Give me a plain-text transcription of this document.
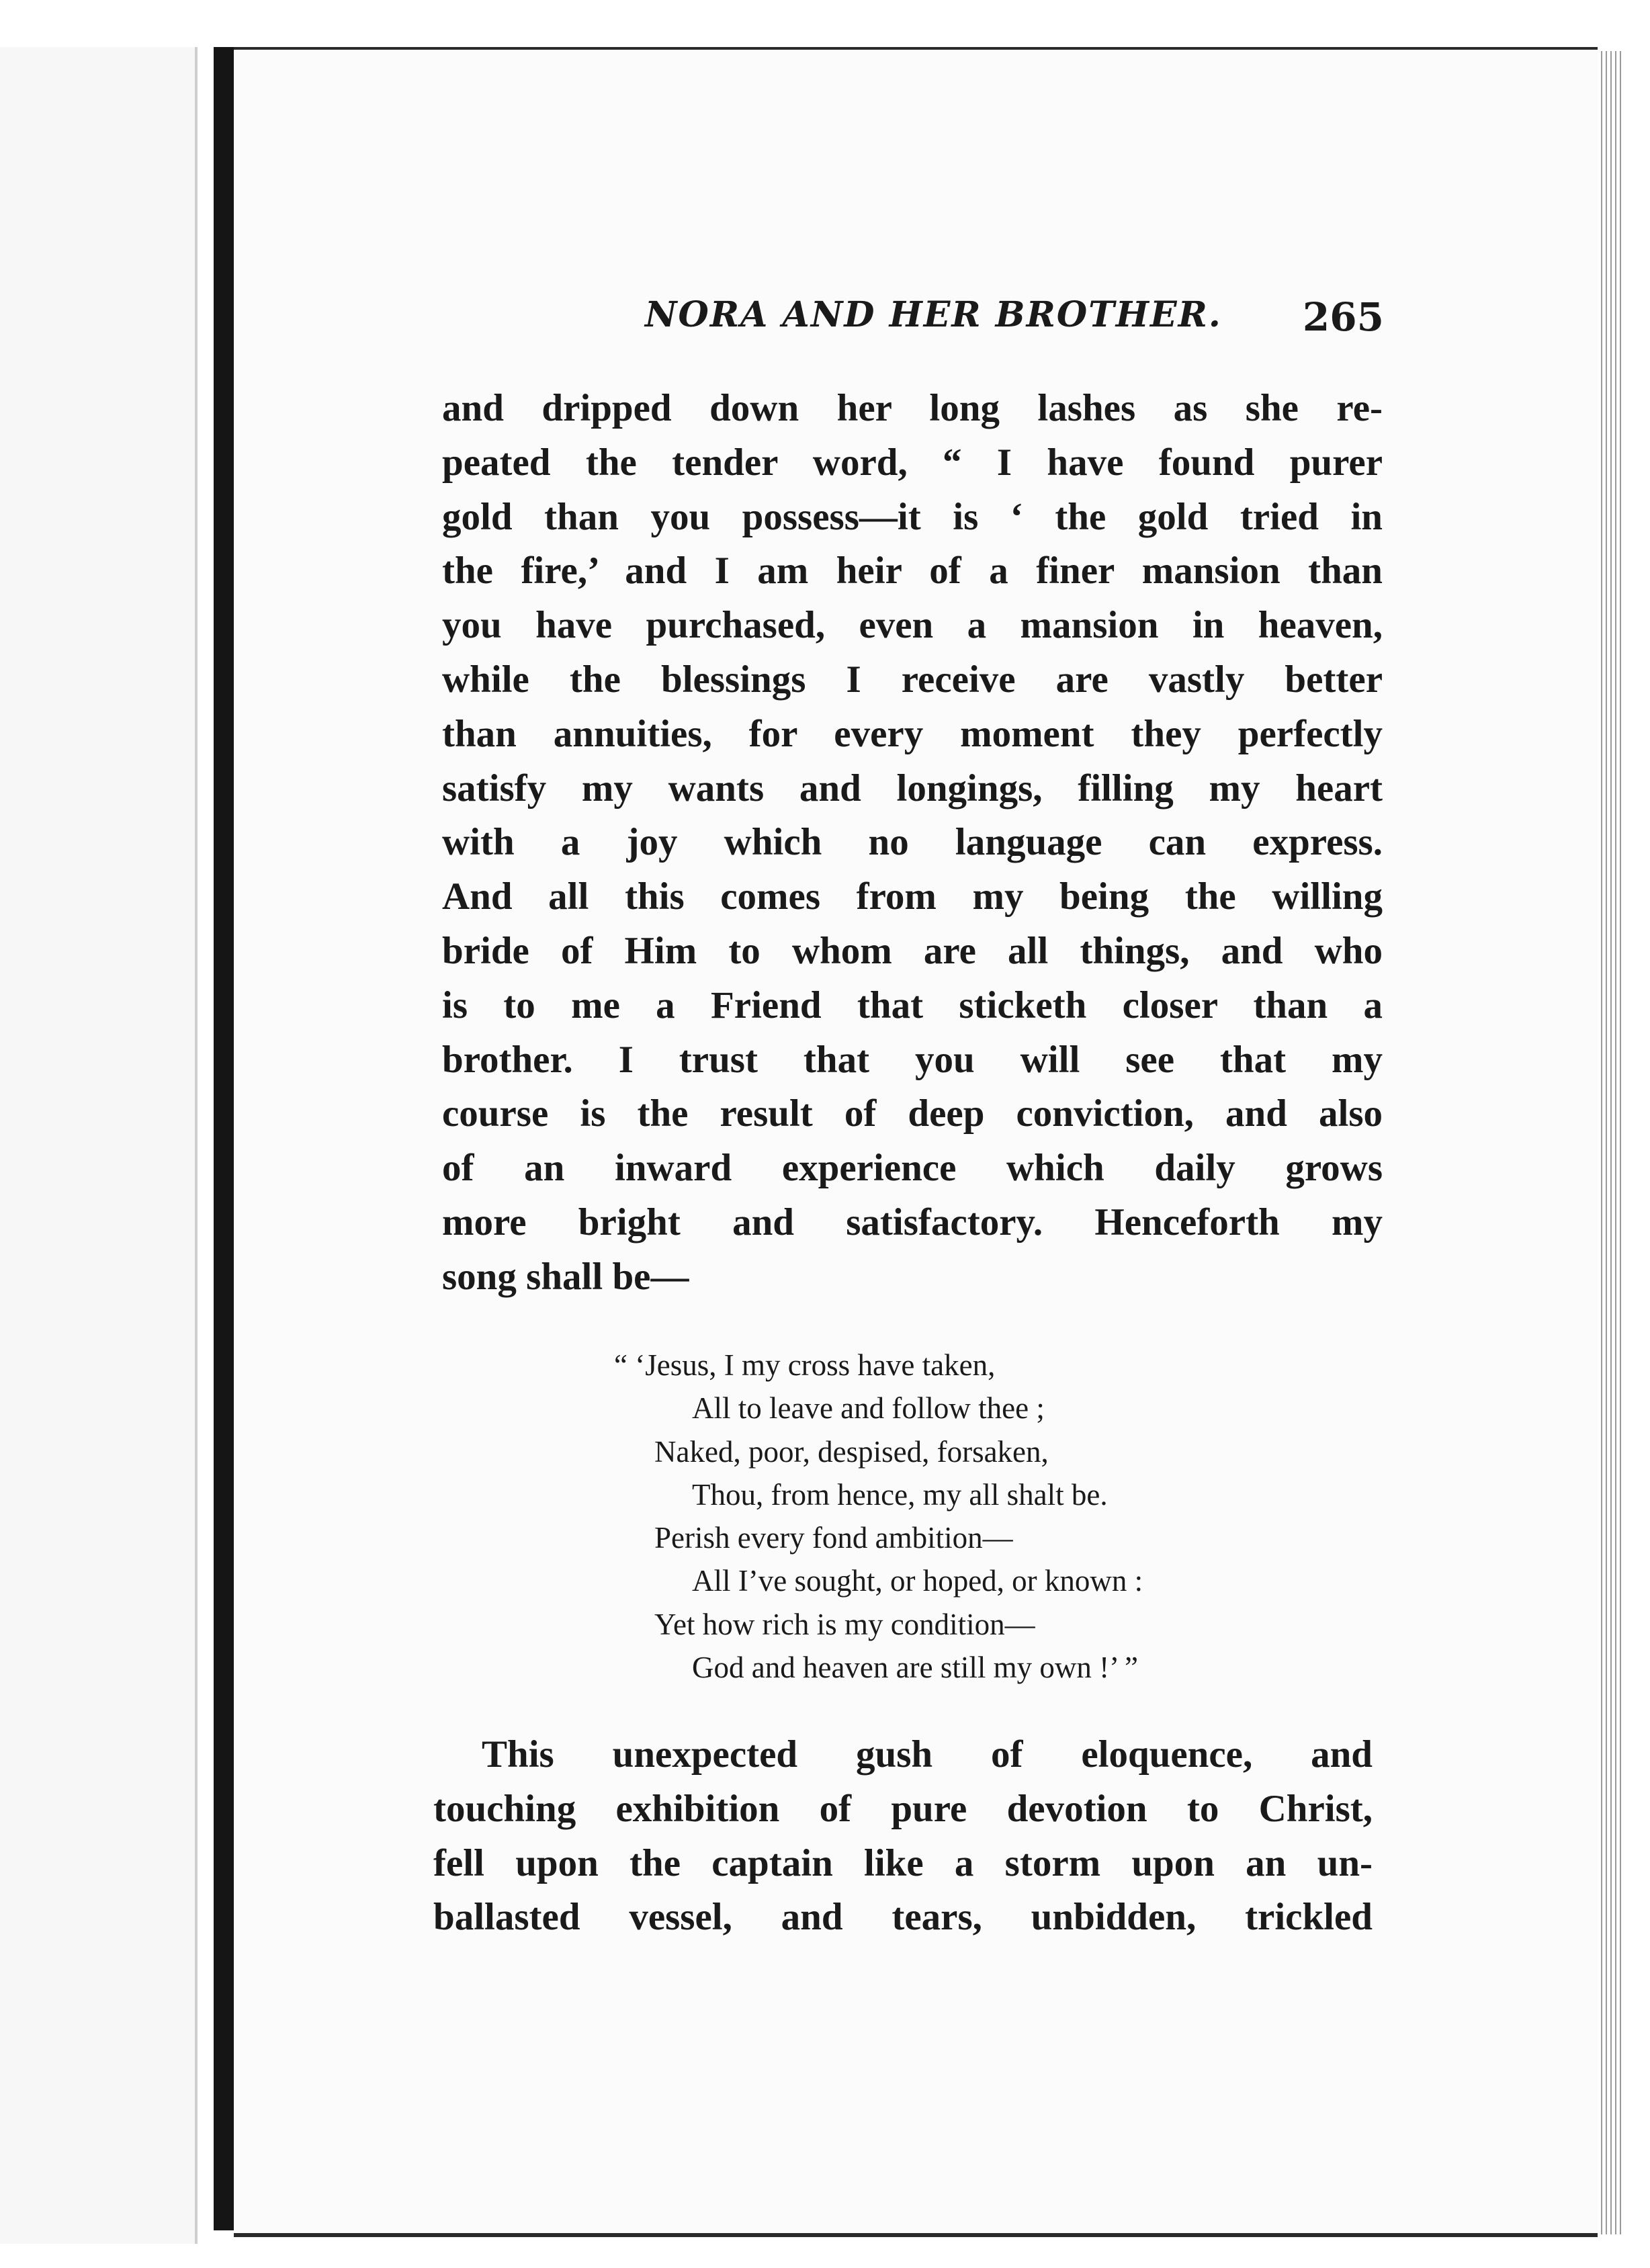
NORA AND HER BROTHER. 265
and dripped down her long lashes as she re-
peated the tender word, “ I have found purer
gold than you possess—it is ‘ the gold tried in
the fire,’ and I am heir of a finer mansion than
you have purchased, even a mansion in heaven,
while the blessings I receive are vastly better
than annuities, for every moment they perfectly
satisfy my wants and longings, filling my heart
with a joy which no language can express.
And all this comes from my being the willing
bride of Him to whom are all things, and who
is to me a Friend that sticketh closer than a
brother. I trust that you will see that my
course is the result of deep conviction, and also
of an inward experience which daily grows
more bright and satisfactory. Henceforth my
song shall be—
“ ‘Jesus, I my cross have taken,
All to leave and follow thee ;
Naked, poor, despised, forsaken,
Thou, from hence, my all shalt be.
Perish every fond ambition—
All I’ve sought, or hoped, or known :
Yet how rich is my condition—
God and heaven are still my own !’ ”
This unexpected gush of eloquence, and
touching exhibition of pure devotion to Christ,
fell upon the captain like a storm upon an un-
ballasted vessel, and tears, unbidden, trickled
